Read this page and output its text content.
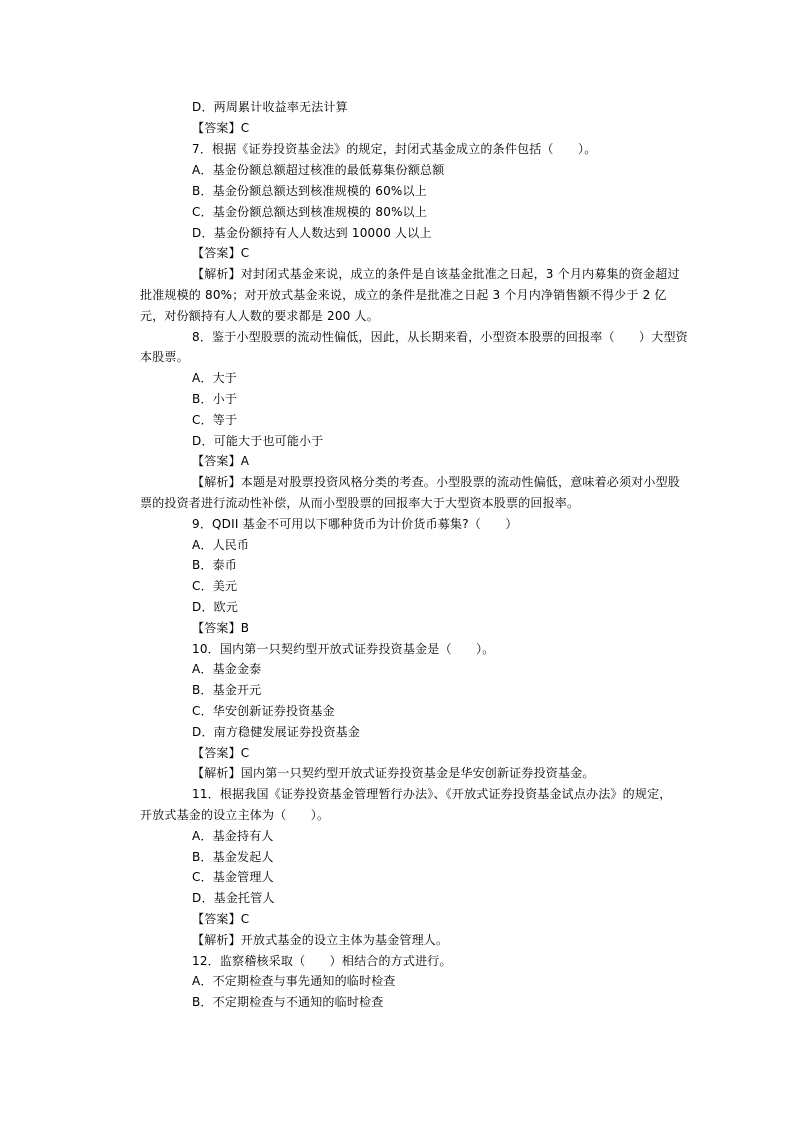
D．两周累计收益率无法计算
【答案】C
7．根据《证券投资基金法》的规定，封闭式基金成立的条件包括（　　）。
A．基金份额总额超过核准的最低募集份额总额
B．基金份额总额达到核准规模的 60%以上
C．基金份额总额达到核准规模的 80%以上
D．基金份额持有人人数达到 10000 人以上
【答案】C
【解析】对封闭式基金来说，成立的条件是自该基金批准之日起，3 个月内募集的资金超过
批准规模的 80%；对开放式基金来说，成立的条件是批准之日起 3 个月内净销售额不得少于 2 亿
元，对份额持有人人数的要求都是 200 人。
8．鉴于小型股票的流动性偏低，因此，从长期来看，小型资本股票的回报率（　　）大型资
本股票。
A．大于
B．小于
C．等于
D．可能大于也可能小于
【答案】A
【解析】本题是对股票投资风格分类的考查。小型股票的流动性偏低，意味着必须对小型股
票的投资者进行流动性补偿，从而小型股票的回报率大于大型资本股票的回报率。
9．QDII 基金不可用以下哪种货币为计价货币募集?（　　）
A．人民币
B．泰币
C．美元
D．欧元
【答案】B
10．国内第一只契约型开放式证券投资基金是（　　）。
A．基金金泰
B．基金开元
C．华安创新证券投资基金
D．南方稳健发展证券投资基金
【答案】C
【解析】国内第一只契约型开放式证券投资基金是华安创新证券投资基金。
11．根据我国《证券投资基金管理暂行办法》、《开放式证券投资基金试点办法》的规定，
开放式基金的设立主体为（　　）。
A．基金持有人
B．基金发起人
C．基金管理人
D．基金托管人
【答案】C
【解析】开放式基金的设立主体为基金管理人。
12．监察稽核采取（　　）相结合的方式进行。
A．不定期检查与事先通知的临时检查
B．不定期检查与不通知的临时检查
